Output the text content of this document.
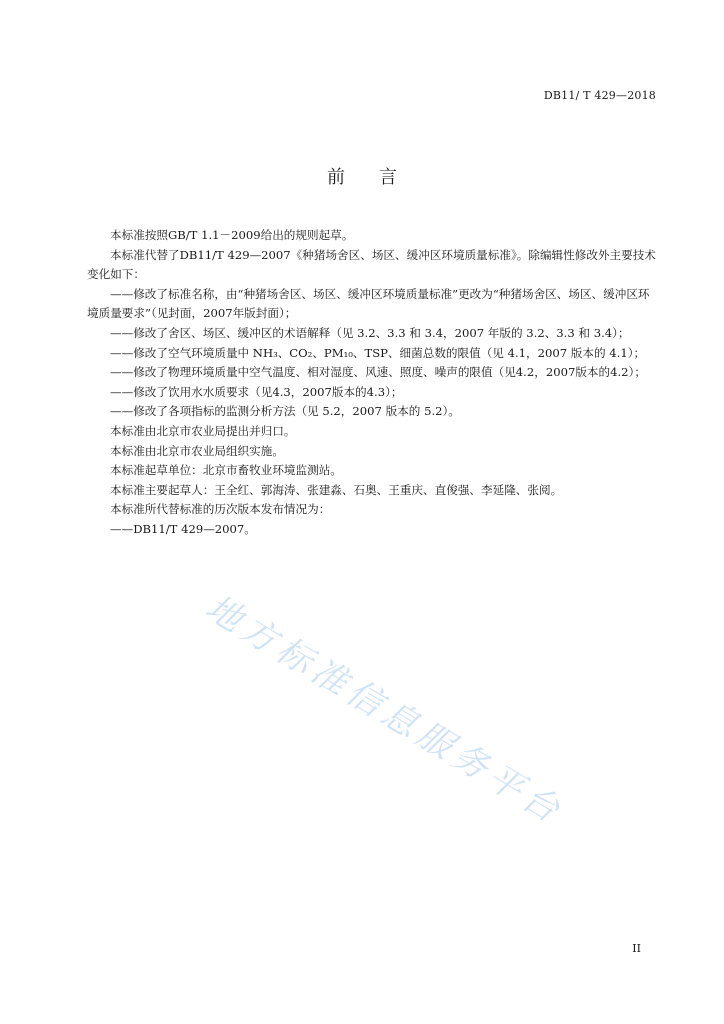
DB11/ T 429—2018
前言

本标准按照GB/T 1.1－2009给出的规则起草。

本标准代替了DB11/T 429—2007《种猪场舍区、场区、缓冲区环境质量标准》。除编辑性修改外主要技术变化如下：

——修改了标准名称，由“种猪场舍区、场区、缓冲区环境质量标准”更改为“种猪场舍区、场区、缓冲区环境质量要求”（见封面，2007年版封面）；

——修改了舍区、场区、缓冲区的术语解释（见 3.2、3.3 和 3.4，2007 年版的 3.2、3.3 和 3.4）；

——修改了空气环境质量中 NH₃、CO₂、PM₁₀、TSP、细菌总数的限值（见 4.1，2007 版本的 4.1）；

——修改了物理环境质量中空气温度、相对湿度、风速、照度、噪声的限值（见4.2，2007版本的4.2）；

——修改了饮用水水质要求（见4.3，2007版本的4.3）；

——修改了各项指标的监测分析方法（见 5.2，2007 版本的 5.2）。

本标准由北京市农业局提出并归口。

本标准由北京市农业局组织实施。

本标准起草单位：北京市畜牧业环境监测站。

本标准主要起草人：王全红、郭海涛、张建淼、石奥、王重庆、直俊强、李延隆、张阅。

本标准所代替标准的历次版本发布情况为：

——DB11/T 429—2007。

地方标准信息服务平台
II
